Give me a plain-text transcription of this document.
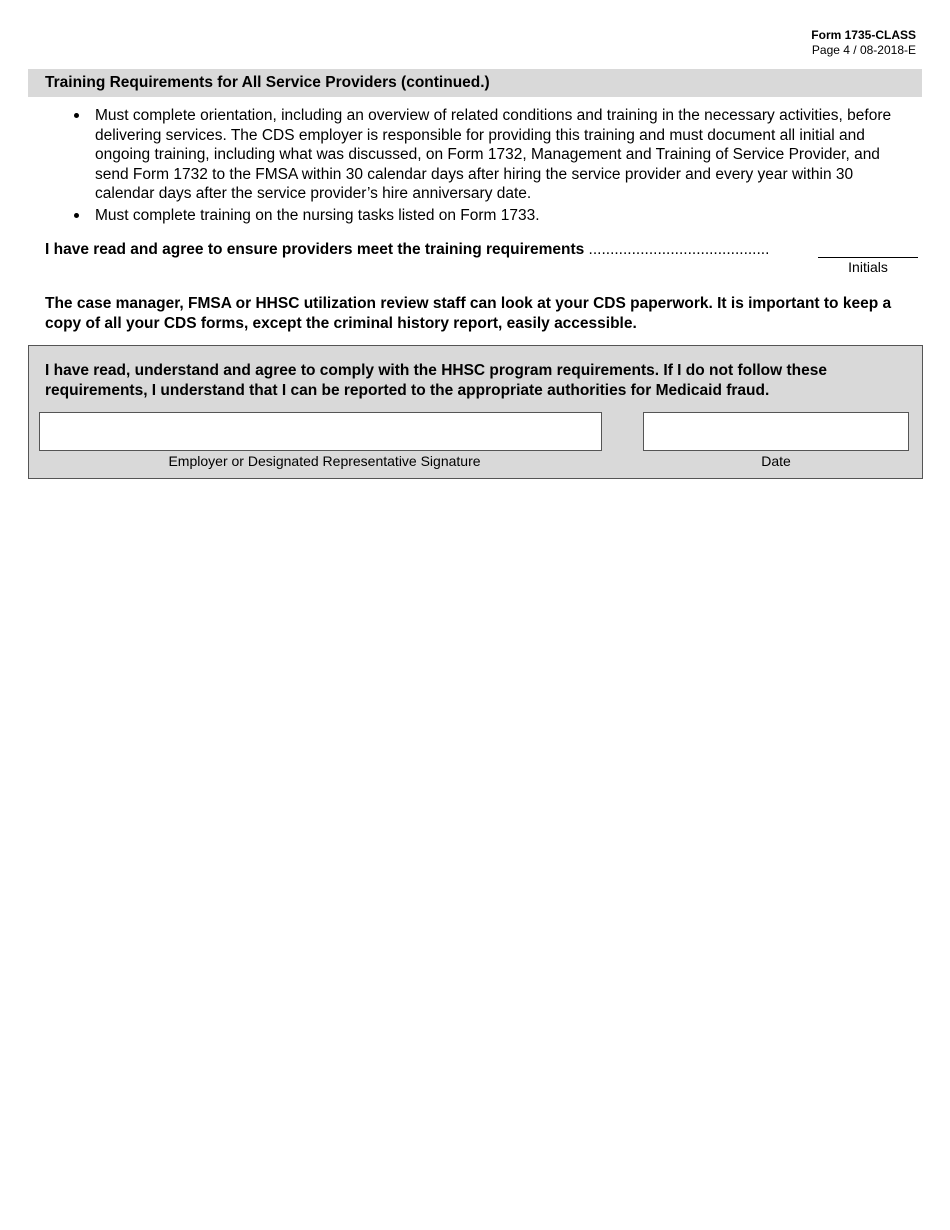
Form 1735-CLASS
Page 4 / 08-2018-E
Training Requirements for All Service Providers (continued.)
Must complete orientation, including an overview of related conditions and training in the necessary activities, before delivering services. The CDS employer is responsible for providing this training and must document all initial and ongoing training, including what was discussed, on Form 1732, Management and Training of Service Provider, and send Form 1732 to the FMSA within 30 calendar days after hiring the service provider and every year within 30 calendar days after the service provider’s hire anniversary date.
Must complete training on the nursing tasks listed on Form 1733.
I have read and agree to ensure providers meet the training requirements ..........................................
Initials
The case manager, FMSA or HHSC utilization review staff can look at your CDS paperwork. It is important to keep a copy of all your CDS forms, except the criminal history report, easily accessible.
I have read, understand and agree to comply with the HHSC program requirements. If I do not follow these requirements, I understand that I can be reported to the appropriate authorities for Medicaid fraud.
Employer or Designated Representative Signature	Date
